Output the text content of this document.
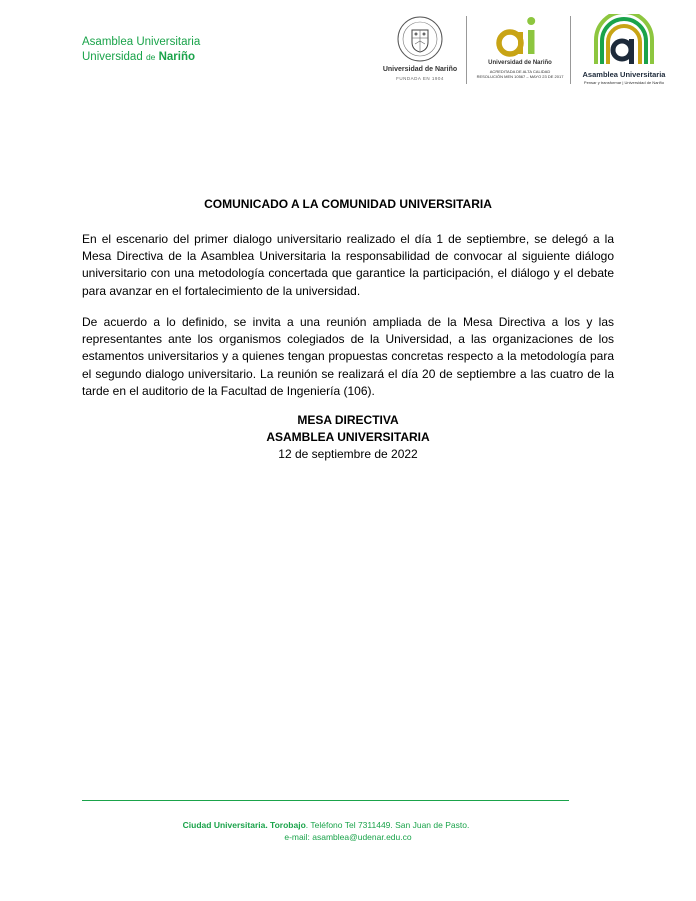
Asamblea Universitaria
Universidad de Nariño
Universidad de Nariño
FUNDADA EN 1904
Universidad de Nariño
ACREDITADA DE ALTA CALIDAD
RESOLUCIÓN MEN 10567 – MAYO 23 DE 2017	Asamblea Universitaria
Pensar y transformar | Universidad de Nariño
COMUNICADO A LA COMUNIDAD UNIVERSITARIA
En el escenario del primer dialogo universitario realizado el día 1 de septiembre, se delegó a la Mesa Directiva de la Asamblea Universitaria la responsabilidad de convocar al siguiente diálogo universitario con una metodología concertada que garantice la participación, el diálogo y el debate para avanzar en el fortalecimiento de la universidad.
De acuerdo a lo definido, se invita a una reunión ampliada de la Mesa Directiva a los y las representantes ante los organismos colegiados de la Universidad, a las organizaciones de los estamentos universitarios y a quienes tengan propuestas concretas respecto a la metodología para el segundo dialogo universitario. La reunión se realizará el día 20 de septiembre a las cuatro de la tarde en el auditorio de la Facultad de Ingeniería (106).
MESA DIRECTIVA
ASAMBLEA UNIVERSITARIA
12 de septiembre de 2022
Ciudad Universitaria. Torobajo. Teléfono Tel 7311449. San Juan de Pasto.
e-mail: asamblea@udenar.edu.co
